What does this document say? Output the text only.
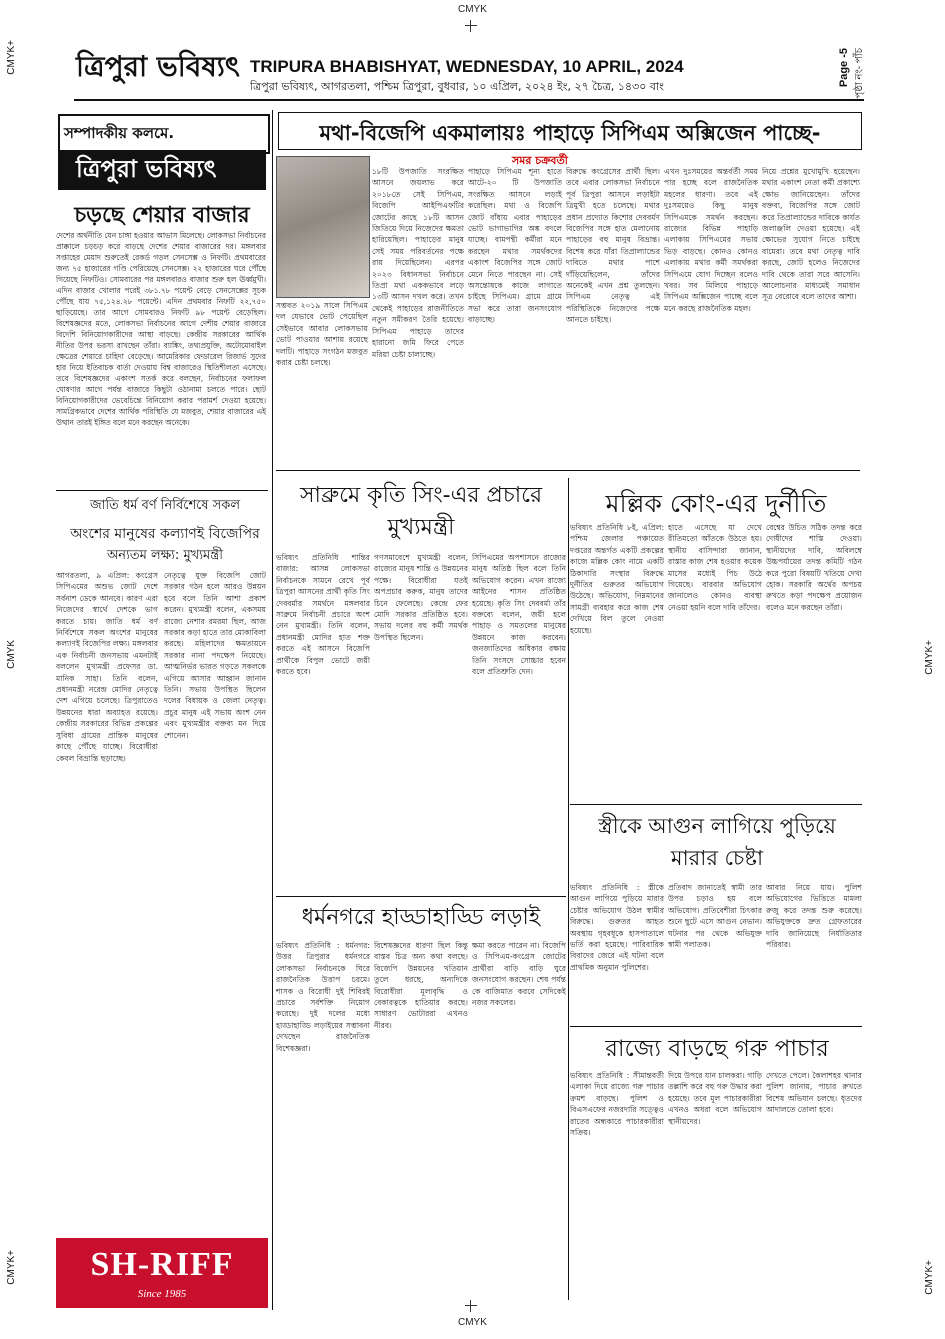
CMYK
CMYK
CMYK+
CMYK
CMYK+
CMYK+
CMYK+
ত্রিপুরা ভবিষ্যৎ TRIPURA BHABISHYAT, WEDNESDAY, 10 APRIL, 2024
ত্রিপুরা ভবিষ্যৎ, আগরতলা, পশ্চিম ত্রিপুরা, বুধবার, ১০ এপ্রিল, ২০২৪ ইং, ২৭ চৈত্র, ১৪৩০ বাং	Page -5 পৃষ্ঠা নং- পাঁচ
সম্পাদকীয় কলমে.
ত্রিপুরা ভবিষ্যৎ
চড়ছে শেয়ার বাজার
দেশের অর্থনীতি যেন চাঙ্গা হওয়ার আভাস মিলেছে। লোকসভা নির্বাচনের প্রাক্কালে চড়চড় করে বাড়ছে দেশের শেয়ার বাজারের দর। মঙ্গলবার সপ্তাহের মেয়াদ শুরুতেই রেকর্ড গড়ল সেনসেক্স ও নিফটি। প্রথমবারের জন্য ৭৫ হাজারের গণ্ডি পেরিয়েছে সেনসেক্স। ২২ হাজারের ঘরে পৌঁছে গিয়েছে নিফটিও। সোমবারের পর মঙ্গলবারও বাজার শুরু হল ঊর্ধ্বমুখী। এদিন বাজার খোলার পরেই ৩৮১.৭৮ পয়েন্ট বেড়ে সেনসেক্সের সূচক পৌঁছে যায় ৭৫,১২৪.২৮ পয়েন্টে। এদিন প্রথমবার নিফটি ২২,৭৫০ ছাড়িয়েছে। তার আগে সোমবারও নিফটি ৯৮ পয়েন্ট বেড়েছিল। বিশেষজ্ঞদের মতে, লোকসভা নির্বাচনের আগে দেশীয় শেয়ার বাজারে বিদেশি বিনিয়োগকারীদের আস্থা বাড়ছে। কেন্দ্রীয় সরকারের আর্থিক নীতির উপর ভরসা রাখছেন তাঁরা। ব্যাঙ্কিং, তথ্যপ্রযুক্তি, অটোমোবাইল ক্ষেত্রের শেয়ারে চাহিদা বেড়েছে। আমেরিকার ফেডারেল রিজার্ভ সুদের হার নিয়ে ইতিবাচক বার্তা দেওয়ায় বিশ্ব বাজারেও স্থিতিশীলতা এসেছে। তবে বিশেষজ্ঞদের একাংশ সতর্ক করে বলছেন, নির্বাচনের ফলাফল ঘোষণার আগে পর্যন্ত বাজারে কিছুটা ওঠানামা চলতে পারে। ছোট বিনিয়োগকারীদের ভেবেচিন্তে বিনিয়োগ করার পরামর্শ দেওয়া হয়েছে। সামগ্রিকভাবে দেশের আর্থিক পরিস্থিতি যে মজবুত, শেয়ার বাজারের এই উত্থান তারই ইঙ্গিত বলে মনে করছেন অনেকে।
মথা-বিজেপি একমালায়ঃ পাহাড়ে সিপিএম অক্সিজেন পাচ্ছে-
সমর চক্রবর্তী
১৮টি উপজাতি সংরক্ষিত আসনে জয়লাভ করে ২০১৮তে সেই সিপিএম, বিজেপি আইপিএফটির জোটের কাছে ১৮টি আসন জিতিয়ে দিয়ে নিজেদের ক্ষমতা হারিয়েছিল। পাহাড়ের মানুষ সেই সময় পরিবর্তনের পক্ষে রায় দিয়েছিলেন। এরপর ২০২৩ বিধানসভা নির্বাচনে তিপ্রা মথা এককভাবে লড়ে ১৩টি আসন দখল করে। তখন থেকেই পাহাড়ের রাজনীতিতে নতুন সমীকরণ তৈরি হয়েছে। সিপিএম পাহাড়ে তাদের হারানো জমি ফিরে পেতে মরিয়া চেষ্টা চালাচ্ছে।
সম্ভবত ২০১৯ সালে সিপিএম দল যেভাবে ভোট পেয়েছিল সেইভাবে আবার লোকসভায় ভোট পাওয়ার আশায় রয়েছে দলটি। পাহাড়ে সংগঠন মজবুত করার চেষ্টা চলছে।
পাহাড়ে সিপিএম শূন্য হাতে আটে-২০ টি উপজাতি সংরক্ষিত আসনে লড়াই করেছিল। মথা ও বিজেপি জোট বাঁধায় এবার পাহাড়ের ভোট ভাগাভাগির অঙ্ক বদলে যাচ্ছে। বামপন্থী কর্মীরা মনে করছেন মথার সমর্থকদের একাংশ বিজেপির সঙ্গে জোট মেনে নিতে পারছেন না। সেই অসন্তোষকে কাজে লাগাতে চাইছে সিপিএম। গ্রামে গ্রামে সভা করে তারা জনসংযোগ বাড়াচ্ছে।
বিরুদ্ধে কংগ্রেসের প্রার্থী ছিল। তবে এবার লোকসভা নির্বাচনে পূর্ব ত্রিপুরা আসনে লড়াইটা ত্রিমুখী হতে চলেছে। মথার প্রধান প্রদ্যোত কিশোর দেববর্মণ বিজেপির সঙ্গে হাত মেলানোয় পাহাড়ের বহু মানুষ বিভ্রান্ত। বিশেষ করে যাঁরা তিপ্রাল্যান্ডের দাবিতে মথার পাশে দাঁড়িয়েছিলেন, তাঁদের অনেকেই এখন প্রশ্ন তুলছেন। সিপিএম নেতৃত্ব এই পরিস্থিতিকে নিজেদের পক্ষে আনতে চাইছে।
এখন দুঃসময়ের অন্তর্বর্তী সময় পার হচ্ছে বলে রাজনৈতিক মহলের ধারণা। তবে এই দুঃসময়েও কিছু মানুষ সিপিএমকে সমর্থন করছেন। রাজ্যের বিভিন্ন পাহাড়ি এলাকায় সিপিএমের সভায় ভিড় বাড়ছে। কোনও কোনও এলাকায় মথার কর্মী সমর্থকরা সিপিএমে যোগ দিচ্ছেন বলেও খবর। সব মিলিয়ে পাহাড়ে সিপিএম অক্সিজেন পাচ্ছে বলে মনে করছে রাজনৈতিক মহল।
নিয়ে প্রশ্নের মুখোমুখি হয়েছেন। মথার একাংশ নেতা কর্মী প্রকাশ্যে ক্ষোভ জানিয়েছেন। তাঁদের বক্তব্য, বিজেপির সঙ্গে জোট করে তিপ্রাল্যান্ডের দাবিকে কার্যত জলাঞ্জলি দেওয়া হয়েছে। এই ক্ষোভের সুযোগ নিতে চাইছে বামেরা। তবে মথা নেতৃত্ব দাবি করছে, জোট হলেও নিজেদের দাবি থেকে তারা সরে আসেনি। আলোচনার মাধ্যমেই সমাধান সূত্র বেরোবে বলে তাদের আশা।
জাতি ধর্ম বর্ণ নির্বিশেষে সকল
অংশের মানুষের কল্যাণই বিজেপির
অন্যতম লক্ষ্য: মুখ্যমন্ত্রী
আগরতলা, ৯ এপ্রিল: কংগ্রেস সিপিএমের অশুভ জোট দেশে সর্বনাশ ডেকে আনবে। কারণ এরা নিজেদের স্বার্থে দেশকে ভাগ করতে চায়। জাতি ধর্ম বর্ণ নির্বিশেষে সকল অংশের মানুষের কল্যাণই বিজেপির লক্ষ্য। মঙ্গলবার এক নির্বাচনী জনসভায় এমনটাই বললেন মুখ্যমন্ত্রী প্রফেসর ডা. মানিক সাহা। তিনি বলেন, প্রধানমন্ত্রী নরেন্দ্র মোদির নেতৃত্বে দেশ এগিয়ে চলেছে। ত্রিপুরাতেও উন্নয়নের ধারা অব্যাহত রয়েছে। কেন্দ্রীয় সরকারের বিভিন্ন প্রকল্পের সুবিধা গ্রামের প্রান্তিক মানুষের কাছে পৌঁছে যাচ্ছে। বিরোধীরা কেবল বিভ্রান্তি ছড়াচ্ছে।
নেতৃত্বে যুক্ত বিজেপি জোট সরকার গঠন হলে আরও উন্নয়ন হবে বলে তিনি আশা প্রকাশ করেন। মুখ্যমন্ত্রী বলেন, একসময় রাজ্যে নেশার রমরমা ছিল, আজ সরকার কড়া হাতে তার মোকাবিলা করছে। মহিলাদের ক্ষমতায়নে সরকার নানা পদক্ষেপ নিয়েছে। আত্মনির্ভর ভারত গড়তে সকলকে এগিয়ে আসার আহ্বান জানান তিনি। সভায় উপস্থিত ছিলেন দলের বিধায়ক ও জেলা নেতৃত্ব। প্রচুর মানুষ এই সভায় অংশ নেন এবং মুখ্যমন্ত্রীর বক্তব্য মন দিয়ে শোনেন।
SH-RIFF
Since 1985
সাব্রুমে কৃতি সিং-এর প্রচারে মুখ্যমন্ত্রী
ভবিষ্যৎ প্রতিনিধি শান্তির বাজার: আসন্ন লোকসভা নির্বাচনকে সামনে রেখে পূর্ব ত্রিপুরা আসনের প্রার্থী কৃতি সিং দেববর্মার সমর্থনে মঙ্গলবার সাব্রুমে নির্বাচনী প্রচারে অংশ নেন মুখ্যমন্ত্রী। তিনি বলেন, প্রধানমন্ত্রী মোদির হাত শক্ত করতে এই আসনে বিজেপি প্রার্থীকে বিপুল ভোটে জয়ী করতে হবে।
গণসমাবেশে মুখ্যমন্ত্রী বলেন, রাজ্যের মানুষ শান্তি ও উন্নয়নের পক্ষে। বিরোধীরা যতই অপপ্রচার করুক, মানুষ তাদের চিনে ফেলেছে। কেন্দ্রে ফের মোদি সরকার প্রতিষ্ঠিত হবে। সভায় দলের বহু কর্মী সমর্থক উপস্থিত ছিলেন।
সিপিএমের অপশাসনে রাজ্যের মানুষ অতিষ্ঠ ছিল বলে তিনি অভিযোগ করেন। এখন রাজ্যে আইনের শাসন প্রতিষ্ঠিত হয়েছে। কৃতি সিং দেববর্মা তাঁর বক্তব্যে বলেন, জয়ী হলে পাহাড় ও সমতলের মানুষের উন্নয়নে কাজ করবেন। জনজাতিদের অধিকার রক্ষায় তিনি সংসদে সোচ্চার হবেন বলে প্রতিশ্রুতি দেন।
মল্লিক কোং-এর দুর্নীতি
ভবিষ্যৎ প্রতিনিধি ৮ই, এপ্রিল: পশ্চিম জেলার পঞ্চায়েত দপ্তরের অন্তর্গত একটি প্রকল্পের কাজে মল্লিক কোং নামে একটি ঠিকাদারি সংস্থার বিরুদ্ধে দুর্নীতির গুরুতর অভিযোগ উঠেছে। অভিযোগ, নিম্নমানের সামগ্রী ব্যবহার করে কাজ শেষ দেখিয়ে বিল তুলে নেওয়া হয়েছে।
হাতে এসেছে যা দেখে রীতিমতো আঁতকে উঠতে হয়। স্থানীয় বাসিন্দারা জানান, রাস্তার কাজ শেষ হওয়ার কয়েক মাসের মধ্যেই পিচ উঠে গিয়েছে। বারবার অভিযোগ জানালেও কোনও ব্যবস্থা নেওয়া হয়নি বলে দাবি তাঁদের।
বেশ্বের উচিত সঠিক তদন্ত করে দোষীদের শাস্তি দেওয়া। স্থানীয়দের দাবি, অবিলম্বে উচ্চপর্যায়ের তদন্ত কমিটি গঠন করে পুরো বিষয়টি খতিয়ে দেখা হোক। সরকারি অর্থের অপচয় রুখতে কড়া পদক্ষেপ প্রয়োজন বলেও মনে করছেন তাঁরা।
স্ত্রীকে আগুন লাগিয়ে পুড়িয়ে মারার চেষ্টা
ভবিষ্যৎ প্রতিনিধি : স্ত্রীকে আগুন লাগিয়ে পুড়িয়ে মারার চেষ্টার অভিযোগ উঠল স্বামীর বিরুদ্ধে। গুরুতর আহত অবস্থায় গৃহবধূকে হাসপাতালে ভর্তি করা হয়েছে। পারিবারিক বিবাদের জেরে এই ঘটনা বলে প্রাথমিক অনুমান পুলিশের।
প্রতিবাদ জানাতেই স্বামী তার উপর চড়াও হয় বলে অভিযোগ। প্রতিবেশীরা চিৎকার শুনে ছুটে এসে আগুন নেভান। ঘটনার পর থেকে অভিযুক্ত স্বামী পলাতক।
আবার নিয়ে যায়। পুলিশ অভিযোগের ভিত্তিতে মামলা রুজু করে তদন্ত শুরু করেছে। অভিযুক্তকে দ্রুত গ্রেফতারের দাবি জানিয়েছে নির্যাতিতার পরিবার।
ধর্মনগরে হাড্ডাহাড্ডি লড়াই
ভবিষ্যৎ প্রতিনিধি : ধর্মনগর: উত্তর ত্রিপুরার ধর্মনগরে লোকসভা নির্বাচনকে ঘিরে রাজনৈতিক উত্তাপ চরমে। শাসক ও বিরোধী দুই শিবিরই প্রচারে সর্বশক্তি নিয়োগ করেছে। দুই দলের মধ্যে হাড্ডাহাড্ডি লড়াইয়ের সম্ভাবনা দেখছেন রাজনৈতিক বিশেষজ্ঞরা।
বিশেষজ্ঞদের ধারণা ছিল কিন্তু বাস্তব চিত্র অন্য কথা বলছে। বিজেপি উন্নয়নের খতিয়ান তুলে ধরছে, অন্যদিকে বিরোধীরা মূল্যবৃদ্ধি ও বেকারত্বকে হাতিয়ার করছে। সাধারণ ভোটাররা এখনও নীরব।
ক্ষমা করতে পারেন না। বিজেপি ও সিপিএম-কংগ্রেস জোটের প্রার্থীরা বাড়ি বাড়ি ঘুরে জনসংযোগ করছেন। শেষ পর্যন্ত কে বাজিমাত করবে সেদিকেই নজর সকলের।
রাজ্যে বাড়ছে গরু পাচার
ভবিষ্যৎ প্রতিনিধি : সীমান্তবর্তী এলাকা দিয়ে রাজ্যে গরু পাচার ক্রমশ বাড়ছে। পুলিশ ও বিএসএফের নজরদারি সত্ত্বেও রাতের অন্ধকারে পাচারকারীরা সক্রিয়।
দিয়ে উপরে যান চালকরা। গাড়ি তল্লাশি করে বহু গরু উদ্ধার করা হয়েছে। তবে মূল পাচারকারীরা এখনও অধরা বলে অভিযোগ স্থানীয়দের।
দেখতে পেলে। কৈলাশহর থানার পুলিশ জানায়, পাচার রুখতে বিশেষ অভিযান চলছে। ধৃতদের আদালতে তোলা হবে।
